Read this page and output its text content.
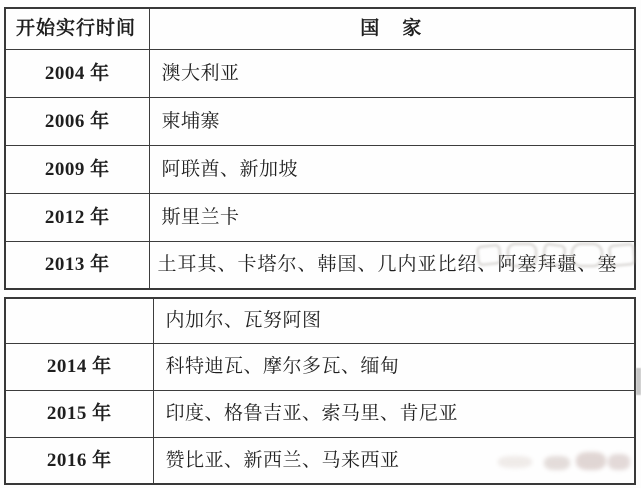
开始实行时间	国　家
2004 年	澳大利亚
2006 年	柬埔寨
2009 年	阿联酋、新加坡
2012 年	斯里兰卡
2013 年	土耳其、卡塔尔、韩国、几内亚比绍、阿塞拜疆、塞
	内加尔、瓦努阿图
2014 年	科特迪瓦、摩尔多瓦、缅甸
2015 年	印度、格鲁吉亚、索马里、肯尼亚
2016 年	赞比亚、新西兰、马来西亚
